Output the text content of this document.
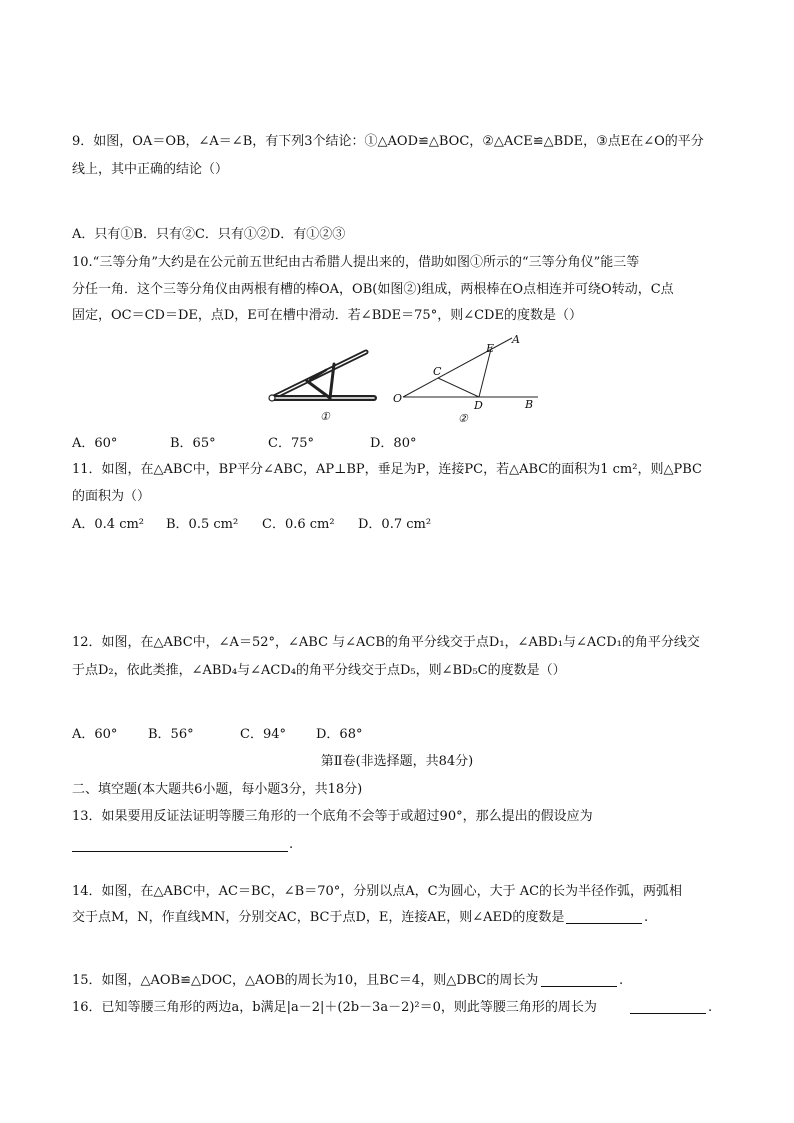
9．如图，OA＝OB，∠A＝∠B，有下列3个结论：①△AOD≌△BOC，②△ACE≌△BDE，③点E在∠O的平分
线上，其中正确的结论（）
A．只有①B．只有②C．只有①②D．有①②③
10.“三等分角”大约是在公元前五世纪由古希腊人提出来的，借助如图①所示的“三等分角仪”能三等
分任一角．这个三等分角仪由两根有槽的棒OA，OB(如图②)组成，两根棒在O点相连并可绕O转动，C点
固定，OC＝CD＝DE，点D，E可在槽中滑动．若∠BDE＝75°，则∠CDE的度数是（）
①
O
C
D
E
A
B
②
A．60°	B．65°	C．75°	D．80°
11．如图，在△ABC中，BP平分∠ABC，AP⊥BP，垂足为P，连接PC，若△ABC的面积为1 cm²，则△PBC
的面积为（）
A．0.4 cm² B．0.5 cm² C．0.6 cm² D．0.7 cm²
12．如图，在△ABC中，∠A＝52°，∠ABC 与∠ACB的角平分线交于点D₁，∠ABD₁与∠ACD₁的角平分线交
于点D₂，依此类推，∠ABD₄与∠ACD₄的角平分线交于点D₅，则∠BD₅C的度数是（）
A．60° B．56°	C．94° D．68°
第Ⅱ卷(非选择题，共84分)
二、填空题(本大题共6小题，每小题3分，共18分)
13．如果要用反证法证明等腰三角形的一个底角不会等于或超过90°，那么提出的假设应为
.
14．如图，在△ABC中，AC＝BC，∠B＝70°，分别以点A，C为圆心，大于 AC的长为半径作弧，两弧相
交于点M，N，作直线MN，分别交AC，BC于点D，E，连接AE，则∠AED的度数是	.
15．如图，△AOB≌△DOC，△AOB的周长为10，且BC＝4，则△DBC的周长为	.
16．已知等腰三角形的两边a，b满足|a－2|＋(2b－3a－2)²＝0，则此等腰三角形的周长为	.
